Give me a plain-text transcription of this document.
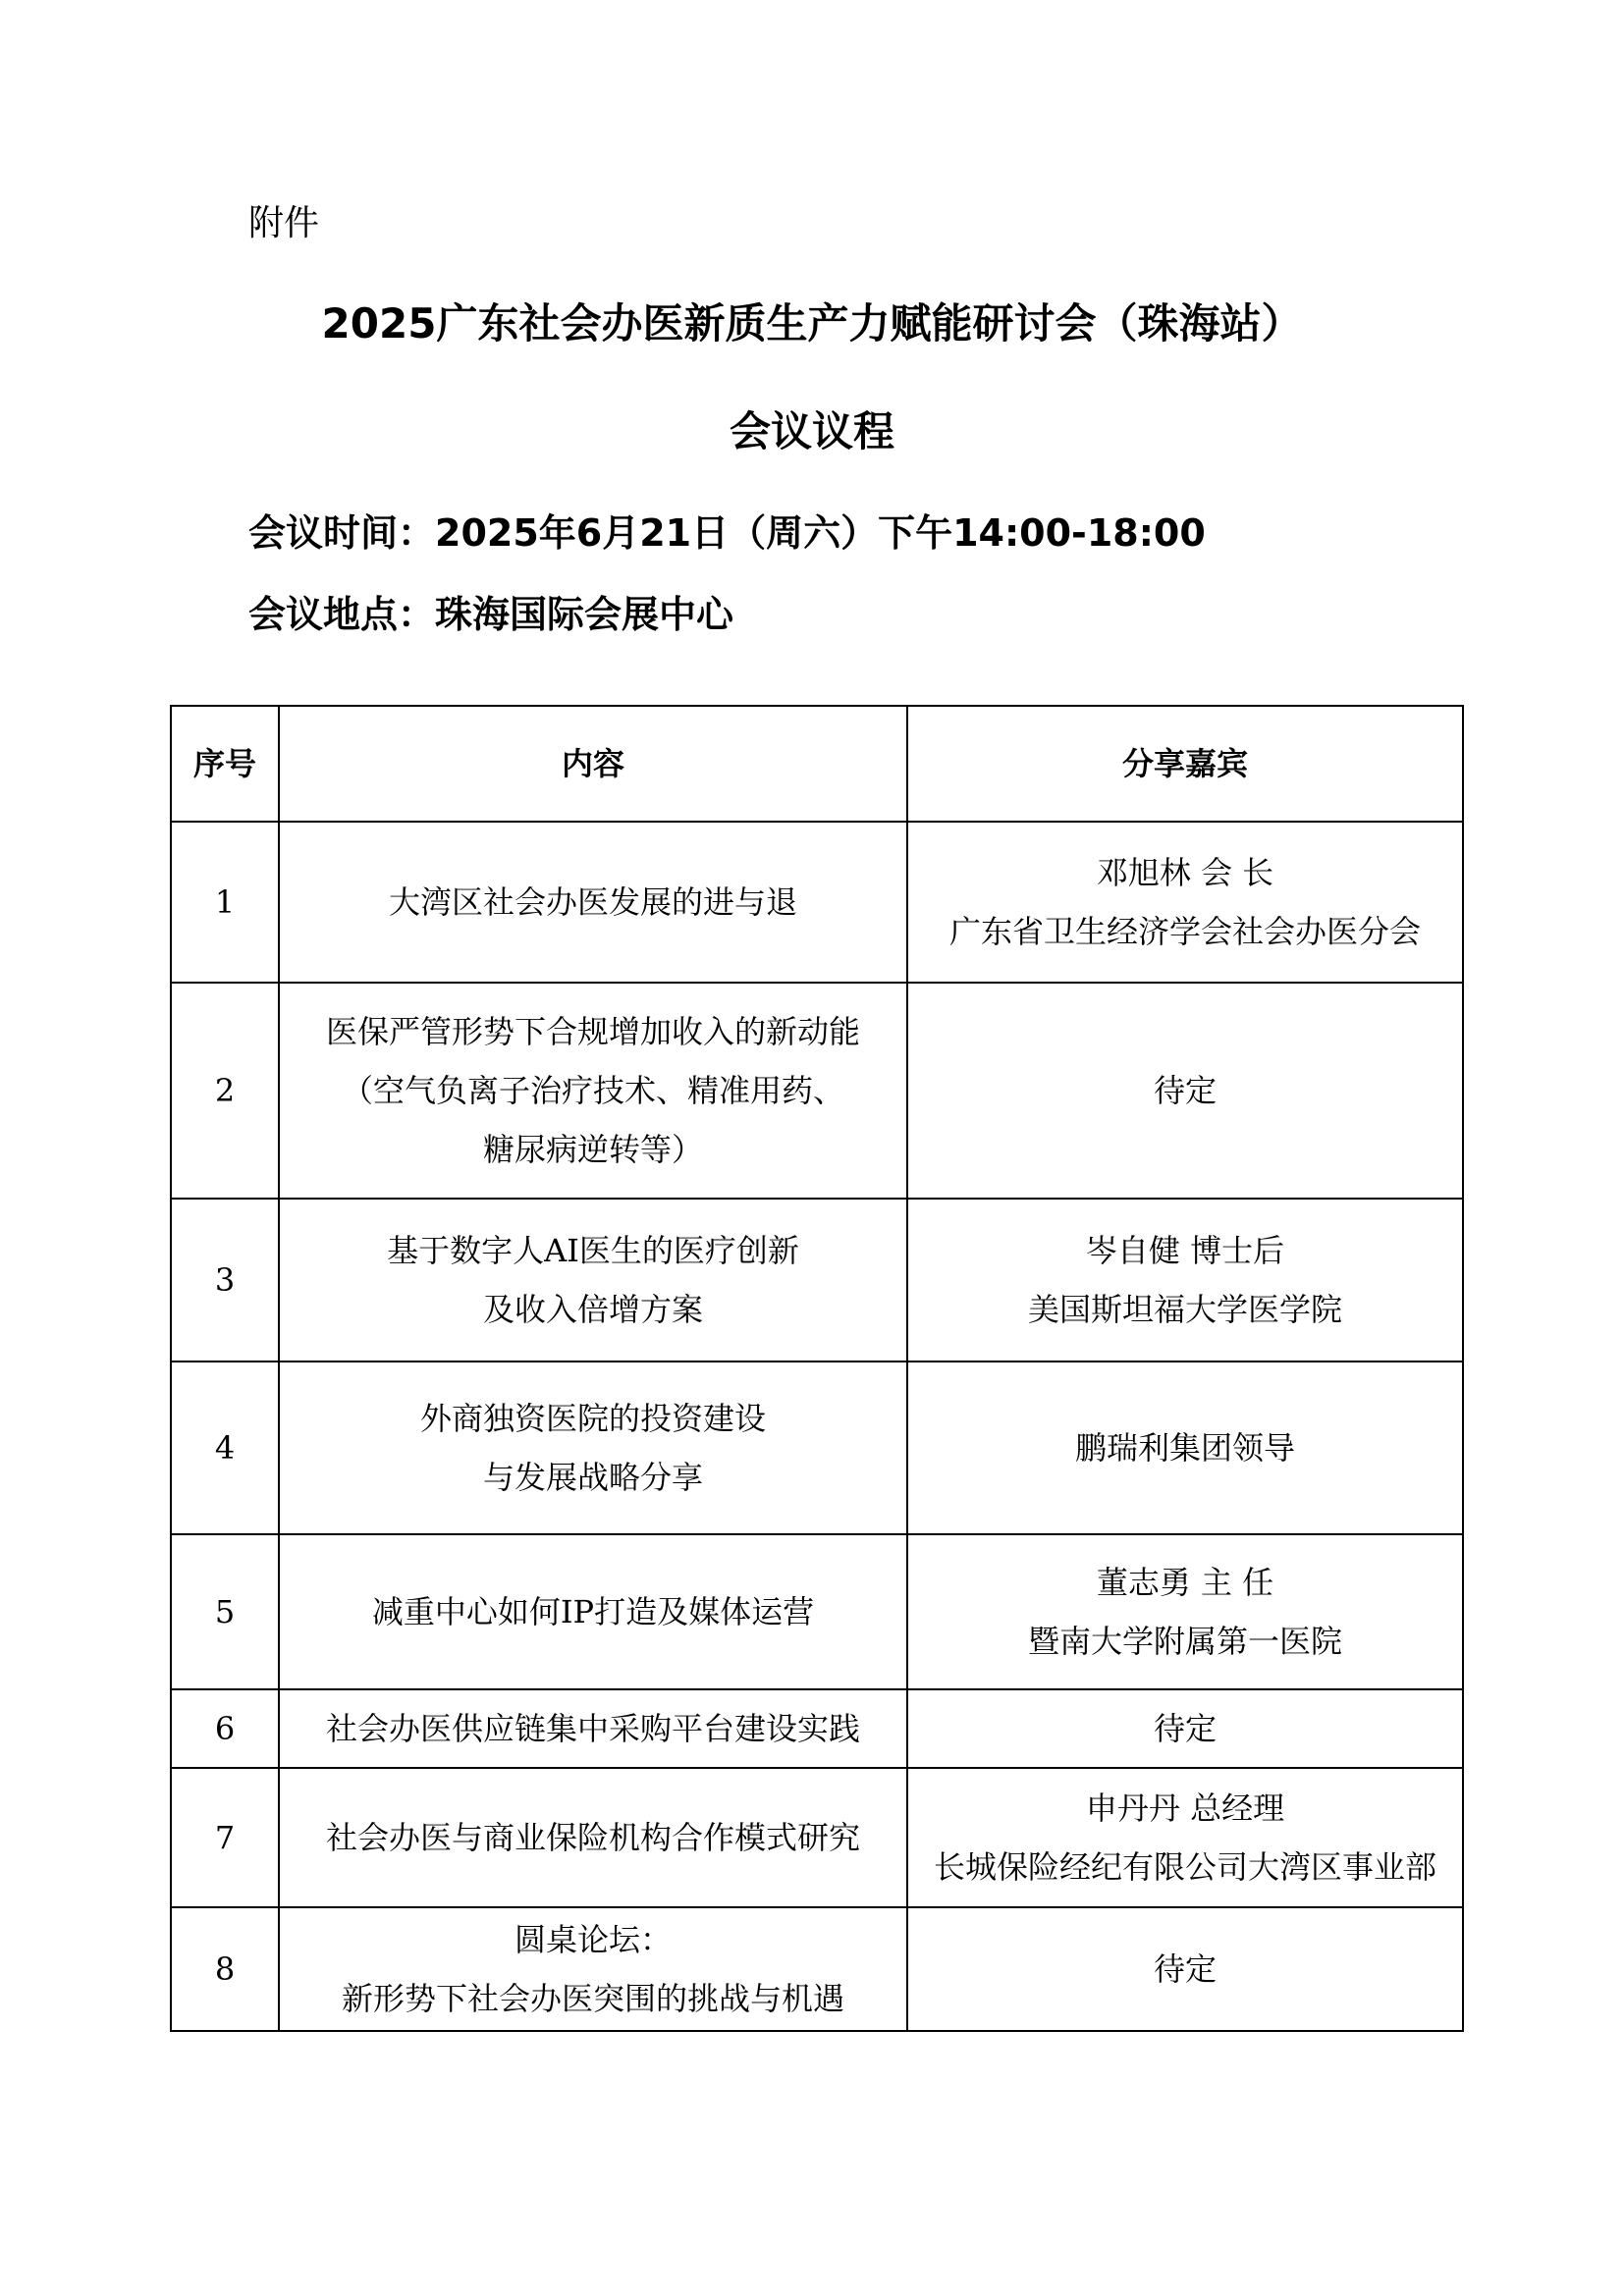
附件
2025广东社会办医新质生产力赋能研讨会（珠海站）
会议议程
会议时间：2025年6月21日（周六）下午14:00-18:00
会议地点：珠海国际会展中心
序号	内容	分享嘉宾
1	大湾区社会办医发展的进与退	邓旭林 会 长
广东省卫生经济学会社会办医分会

2	医保严管形势下合规增加收入的新动能
（空气负离子治疗技术、精准用药、
糖尿病逆转等）	待定

3	基于数字人AI医生的医疗创新
及收入倍增方案	岑自健 博士后
美国斯坦福大学医学院

4	外商独资医院的投资建设
与发展战略分享	鹏瑞利集团领导

5	减重中心如何IP打造及媒体运营	董志勇 主 任
暨南大学附属第一医院

6	社会办医供应链集中采购平台建设实践	待定

7	社会办医与商业保险机构合作模式研究	申丹丹 总经理
长城保险经纪有限公司大湾区事业部

8	圆桌论坛：
新形势下社会办医突围的挑战与机遇	待定
